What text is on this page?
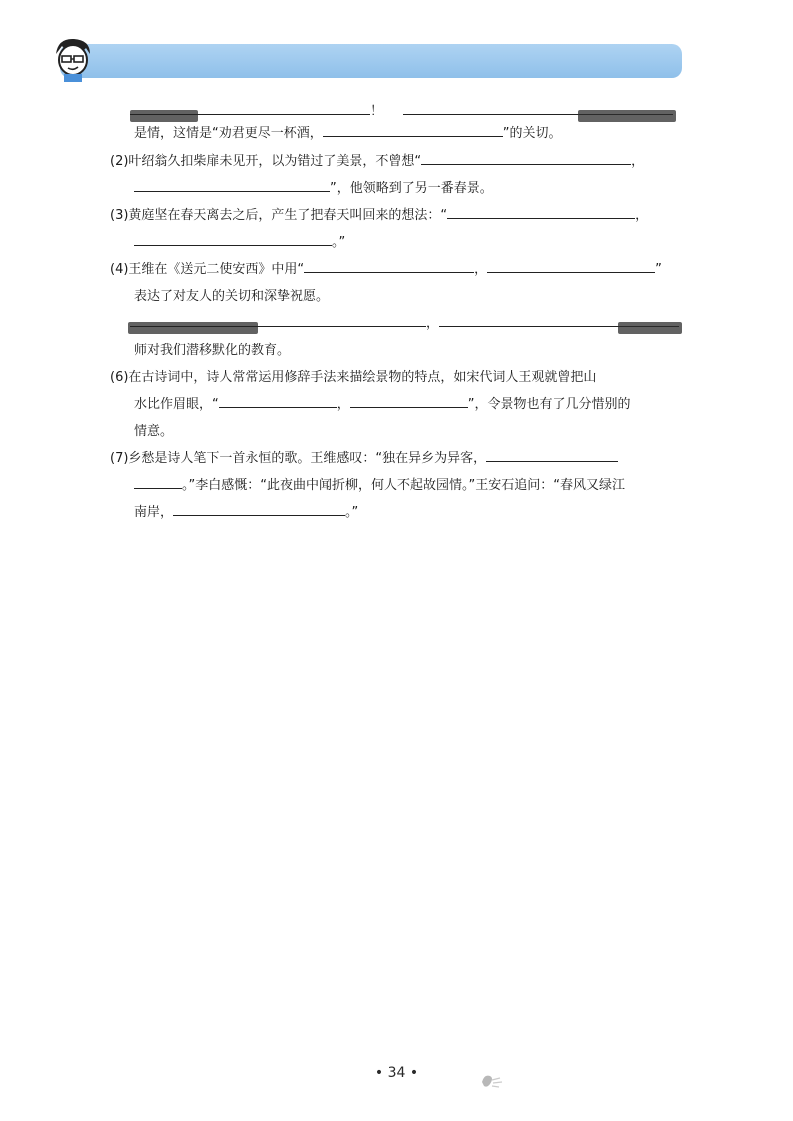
！
是情，这情是“劝君更尽一杯酒，	”的关切。
(2)叶绍翁久扣柴扉未见开，以为错过了美景，不曾想“	，
”，他领略到了另一番春景。
(3)黄庭坚在春天离去之后，产生了把春天叫回来的想法：“	，
。”
(4)王维在《送元二使安西》中用“	，	”
表达了对友人的关切和深挚祝愿。
，
师对我们潜移默化的教育。
(6)在古诗词中，诗人常常运用修辞手法来描绘景物的特点，如宋代词人王观就曾把山
水比作眉眼，“	，	”，令景物也有了几分惜别的
情意。
(7)乡愁是诗人笔下一首永恒的歌。王维感叹：“独在异乡为异客，
。”李白感慨：“此夜曲中闻折柳，何人不起故园情。”王安石追问：“春风又绿江
南岸，	。”
• 34 •
